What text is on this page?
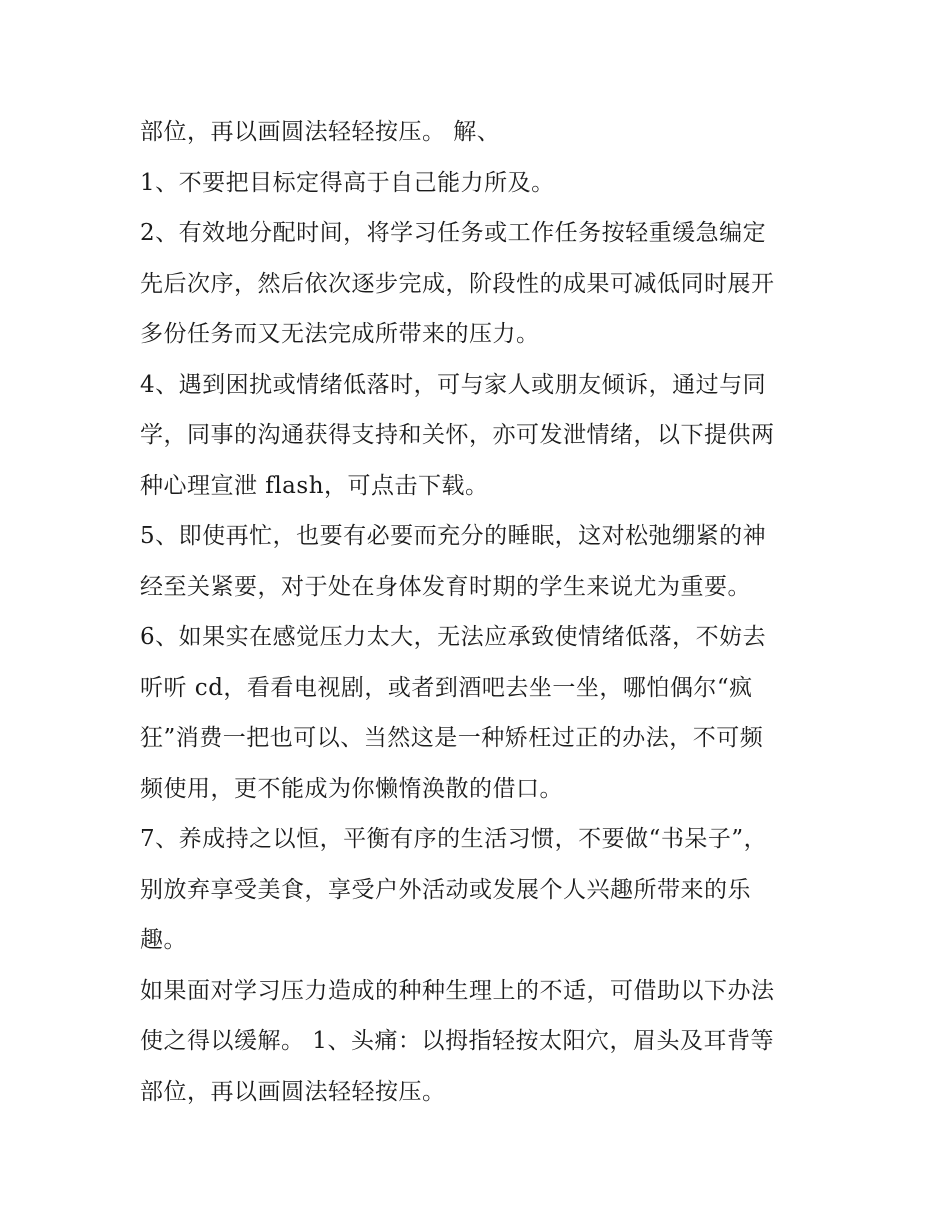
部位，再以画圆法轻轻按压。 解、
1、不要把目标定得高于自己能力所及。
2、有效地分配时间，将学习任务或工作任务按轻重缓急编定
先后次序，然后依次逐步完成，阶段性的成果可减低同时展开
多份任务而又无法完成所带来的压力。
4、遇到困扰或情绪低落时，可与家人或朋友倾诉，通过与同
学，同事的沟通获得支持和关怀，亦可发泄情绪，以下提供两
种心理宣泄 flash，可点击下载。
5、即使再忙，也要有必要而充分的睡眠，这对松弛绷紧的神
经至关紧要，对于处在身体发育时期的学生来说尤为重要。
6、如果实在感觉压力太大，无法应承致使情绪低落，不妨去
听听 cd，看看电视剧，或者到酒吧去坐一坐，哪怕偶尔“疯
狂”消费一把也可以、当然这是一种矫枉过正的办法，不可频
频使用，更不能成为你懒惰涣散的借口。
7、养成持之以恒，平衡有序的生活习惯，不要做“书呆子”，
别放弃享受美食，享受户外活动或发展个人兴趣所带来的乐
趣。
如果面对学习压力造成的种种生理上的不适，可借助以下办法
使之得以缓解。 1、头痛：以拇指轻按太阳穴，眉头及耳背等
部位，再以画圆法轻轻按压。
